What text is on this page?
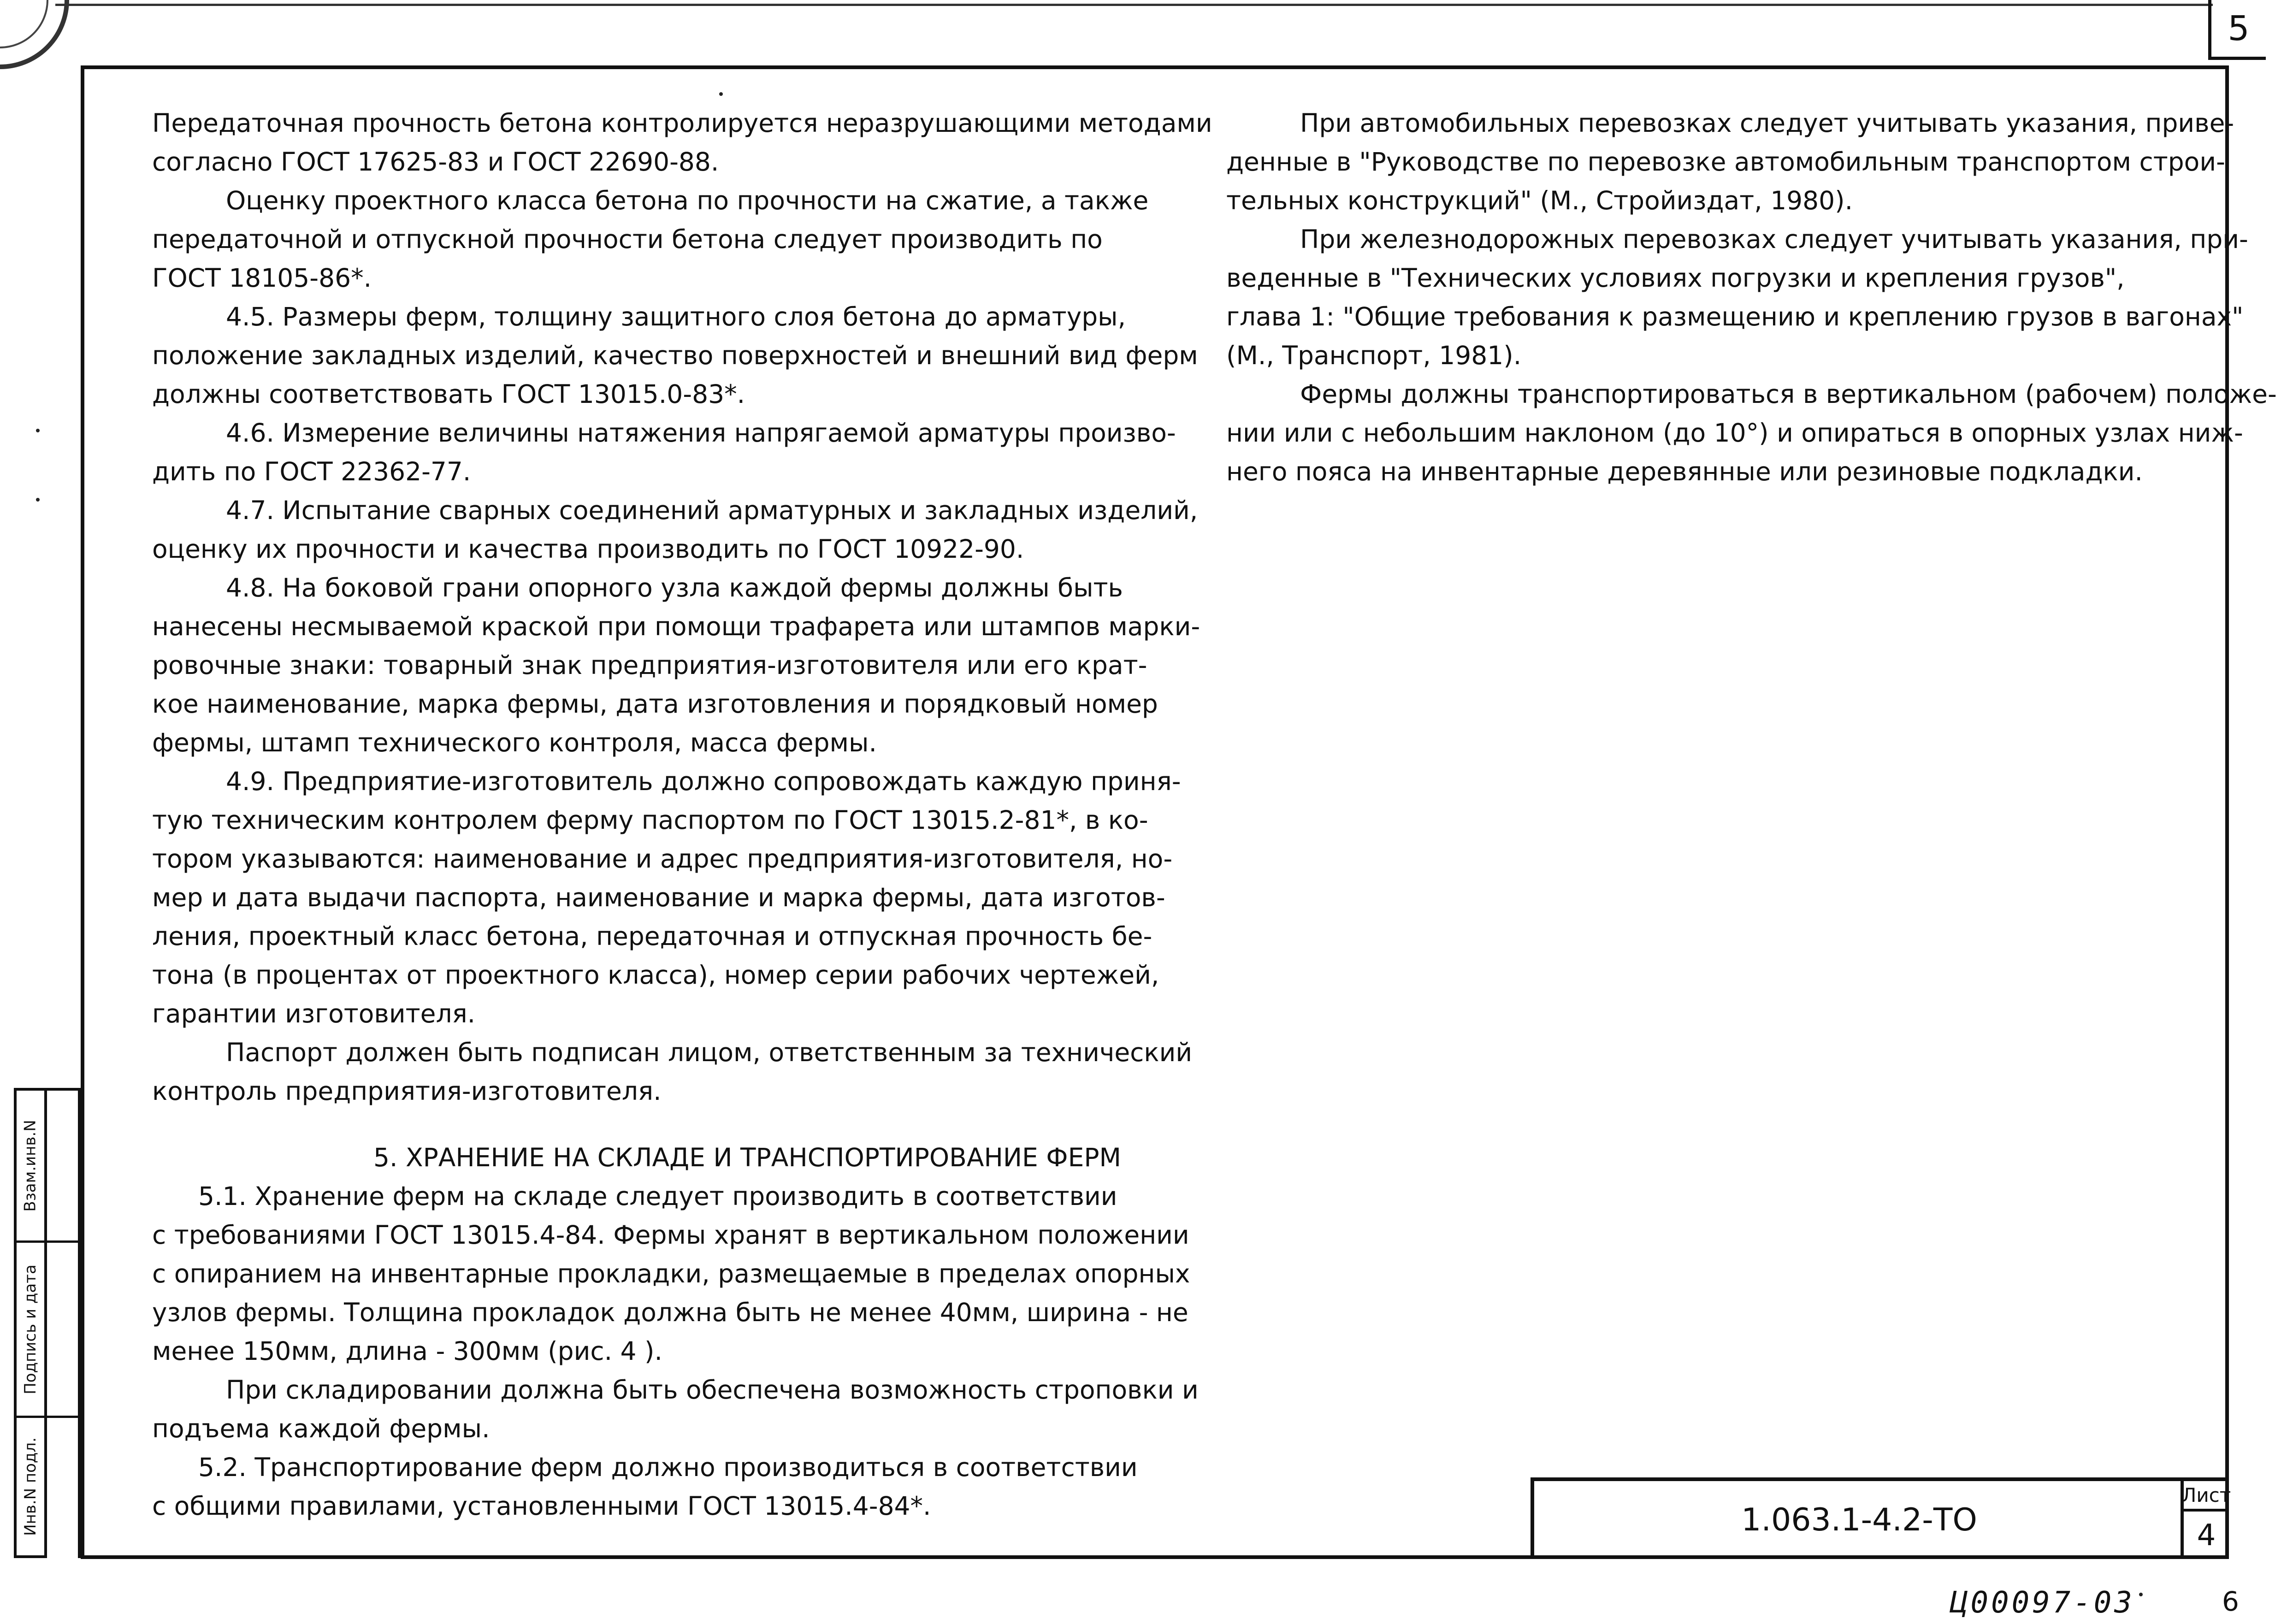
5
Передаточная прочность бетона контролируется неразрушающими методами
согласно ГОСТ 17625-83 и ГОСТ 22690-88.
Оценку проектного класса бетона по прочности на сжатие, а также
передаточной и отпускной прочности бетона следует производить по
ГОСТ 18105-86*.
4.5. Размеры ферм, толщину защитного слоя бетона до арматуры,
положение закладных изделий, качество поверхностей и внешний вид ферм
должны соответствовать ГОСТ 13015.0-83*.
4.6. Измерение величины натяжения напрягаемой арматуры произво-
дить по ГОСТ 22362-77.
4.7. Испытание сварных соединений арматурных и закладных изделий,
оценку их прочности и качества производить по ГОСТ 10922-90.
4.8. На боковой грани опорного узла каждой фермы должны быть
нанесены несмываемой краской при помощи трафарета или штампов марки-
ровочные знаки: товарный знак предприятия-изготовителя или его крат-
кое наименование, марка фермы, дата изготовления и порядковый номер
фермы, штамп технического контроля, масса фермы.
4.9. Предприятие-изготовитель должно сопровождать каждую приня-
тую техническим контролем ферму паспортом по ГОСТ 13015.2-81*, в ко-
тором указываются: наименование и адрес предприятия-изготовителя, но-
мер и дата выдачи паспорта, наименование и марка фермы, дата изготов-
ления, проектный класс бетона, передаточная и отпускная прочность бе-
тона (в процентах от проектного класса), номер серии рабочих чертежей,
гарантии изготовителя.
Паспорт должен быть подписан лицом, ответственным за технический
контроль предприятия-изготовителя.
5. ХРАНЕНИЕ НА СКЛАДЕ И ТРАНСПОРТИРОВАНИЕ ФЕРМ
5.1. Хранение ферм на складе следует производить в соответствии
с требованиями ГОСТ 13015.4-84. Фермы хранят в вертикальном положении
с опиранием на инвентарные прокладки, размещаемые в пределах опорных
узлов фермы. Толщина прокладок должна быть не менее 40мм, ширина - не
менее 150мм, длина - 300мм (рис. 4 ).
При складировании должна быть обеспечена возможность строповки и
подъема каждой фермы.
5.2. Транспортирование ферм должно производиться в соответствии
с общими правилами, установленными ГОСТ 13015.4-84*.
При автомобильных перевозках следует учитывать указания, приве-
денные в "Руководстве по перевозке автомобильным транспортом строи-
тельных конструкций" (М., Стройиздат, 1980).
При железнодорожных перевозках следует учитывать указания, при-
веденные в "Технических условиях погрузки и крепления грузов",
глава 1: "Общие требования к размещению и креплению грузов в вагонах"
(М., Транспорт, 1981).
Фермы должны транспортироваться в вертикальном (рабочем) положе-
нии или с небольшим наклоном (до 10°) и опираться в опорных узлах ниж-
него пояса на инвентарные деревянные или резиновые подкладки.
Взам.инв.N
Подпись и дата
Инв.N подл.	1.063.1-4.2-ТО
Лист
4
Ц00097-03	6
